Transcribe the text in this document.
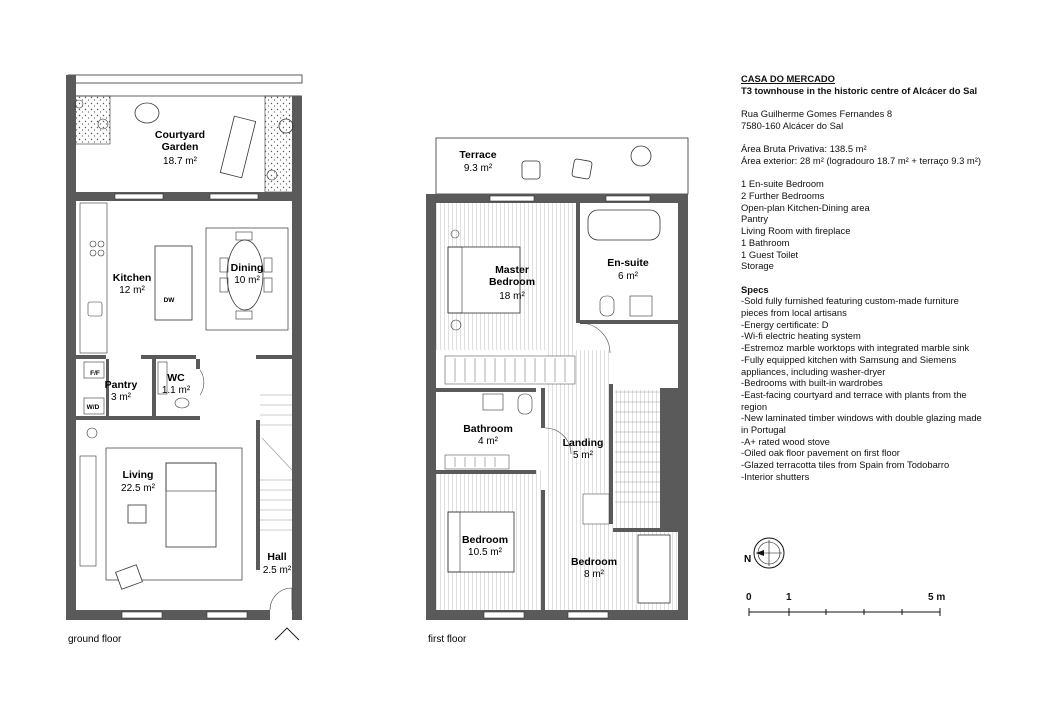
Courtyard Garden
18.7 m²
Kitchen
12 m²
DW
Dining
10 m²
F/F
Pantry
3 m²
W/D
WC
1.1 m²
Living
22.5 m²
Hall
2.5 m²
ground floor
Terrace
9.3 m²
Master Bedroom
18 m²
En-suite
6 m²
Bathroom
4 m²	Landing
5 m²
Bedroom
10.5 m²
Bedroom
8 m²
first floor
N
CASA DO MERCADO
T3 townhouse in the historic centre of Alcácer do Sal
Rua Guilherme Gomes Fernandes 8
7580-160 Alcácer do Sal
Área Bruta Privativa: 138.5 m²
Área exterior: 28 m² (logradouro 18.7 m² + terraço 9.3 m²)
1 En-suite Bedroom
2 Further Bedrooms
Open-plan Kitchen-Dining area
Pantry
Living Room with fireplace
1 Bathroom
1 Guest Toilet
Storage
Specs
-Sold fully furnished featuring custom-made furniture pieces from local artisans
-Energy certificate: D
-Wi-fi electric heating system
-Estremoz marble worktops with integrated marble sink
-Fully equipped kitchen with Samsung and Siemens appliances, including washer-dryer
-Bedrooms with built-in wardrobes
-East-facing courtyard and terrace with plants from the region
-New laminated timber windows with double glazing made in Portugal
-A+ rated wood stove
-Oiled oak floor pavement on first floor
-Glazed terracotta tiles from Spain from Todobarro
-Interior shutters
0	1	5 m
